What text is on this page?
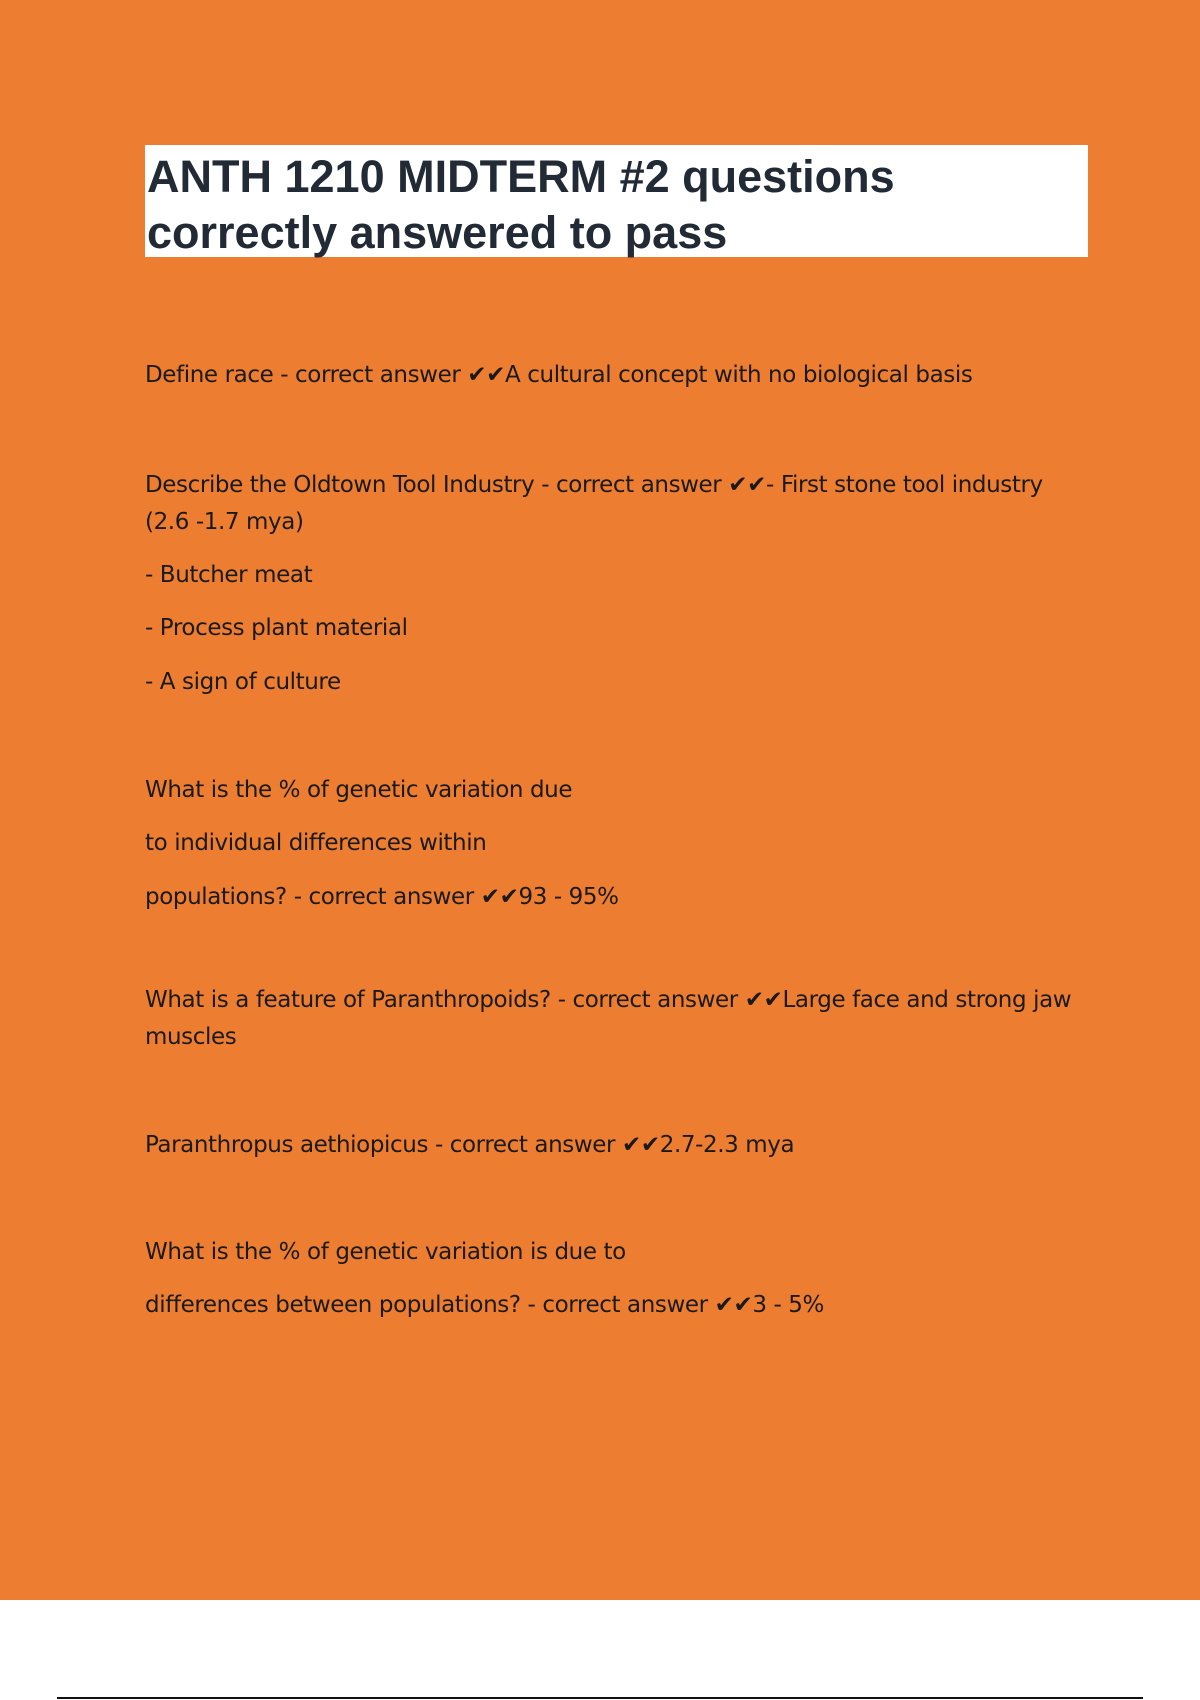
ANTH 1210 MIDTERM #2 questions correctly answered to pass
Define race - correct answer ✔✔A cultural concept with no biological basis
Describe the Oldtown Tool Industry - correct answer ✔✔- First stone tool industry (2.6 -1.7 mya)
- Butcher meat
- Process plant material
- A sign of culture
What is the % of genetic variation due
to individual differences within
populations? - correct answer ✔✔93 - 95%
What is a feature of Paranthropoids? - correct answer ✔✔Large face and strong jaw muscles
Paranthropus aethiopicus - correct answer ✔✔2.7-2.3 mya
What is the % of genetic variation is due to
differences between populations? - correct answer ✔✔3 - 5%
